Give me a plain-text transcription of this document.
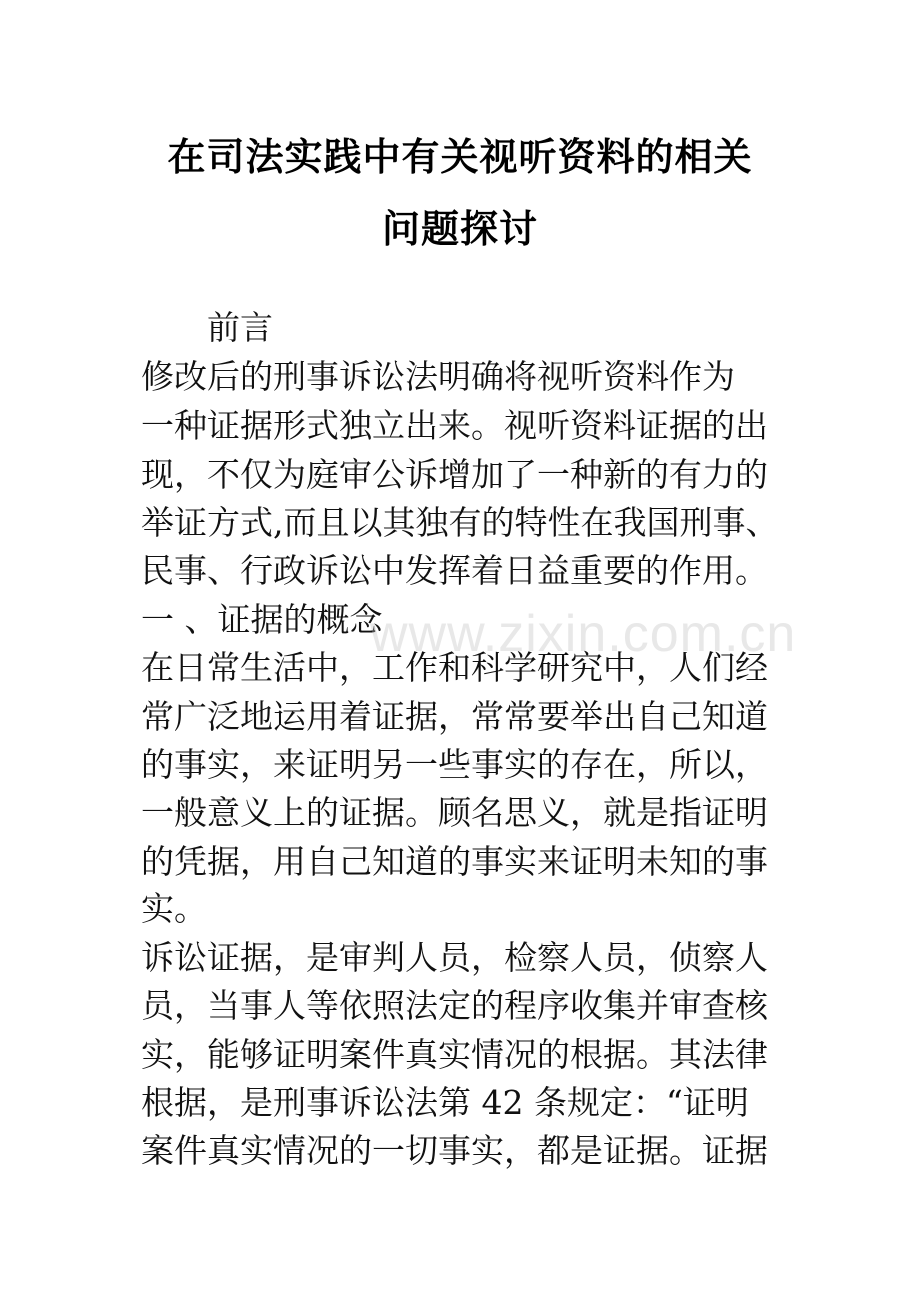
在司法实践中有关视听资料的相关
问题探讨
　　前言
修改后的刑事诉讼法明确将视听资料作为
一种证据形式独立出来。视听资料证据的出
现，不仅为庭审公诉增加了一种新的有力的
举证方式,而且以其独有的特性在我国刑事、
民事、行政诉讼中发挥着日益重要的作用。
一 、证据的概念
在日常生活中，工作和科学研究中，人们经
常广泛地运用着证据，常常要举出自己知道
的事实，来证明另一些事实的存在，所以，
一般意义上的证据。顾名思义，就是指证明
的凭据，用自己知道的事实来证明未知的事
实。
诉讼证据，是审判人员，检察人员，侦察人
员，当事人等依照法定的程序收集并审查核
实，能够证明案件真实情况的根据。其法律
根据，是刑事诉讼法第 42 条规定：“证明
案件真实情况的一切事实，都是证据。证据
www.zixin.com.cn
